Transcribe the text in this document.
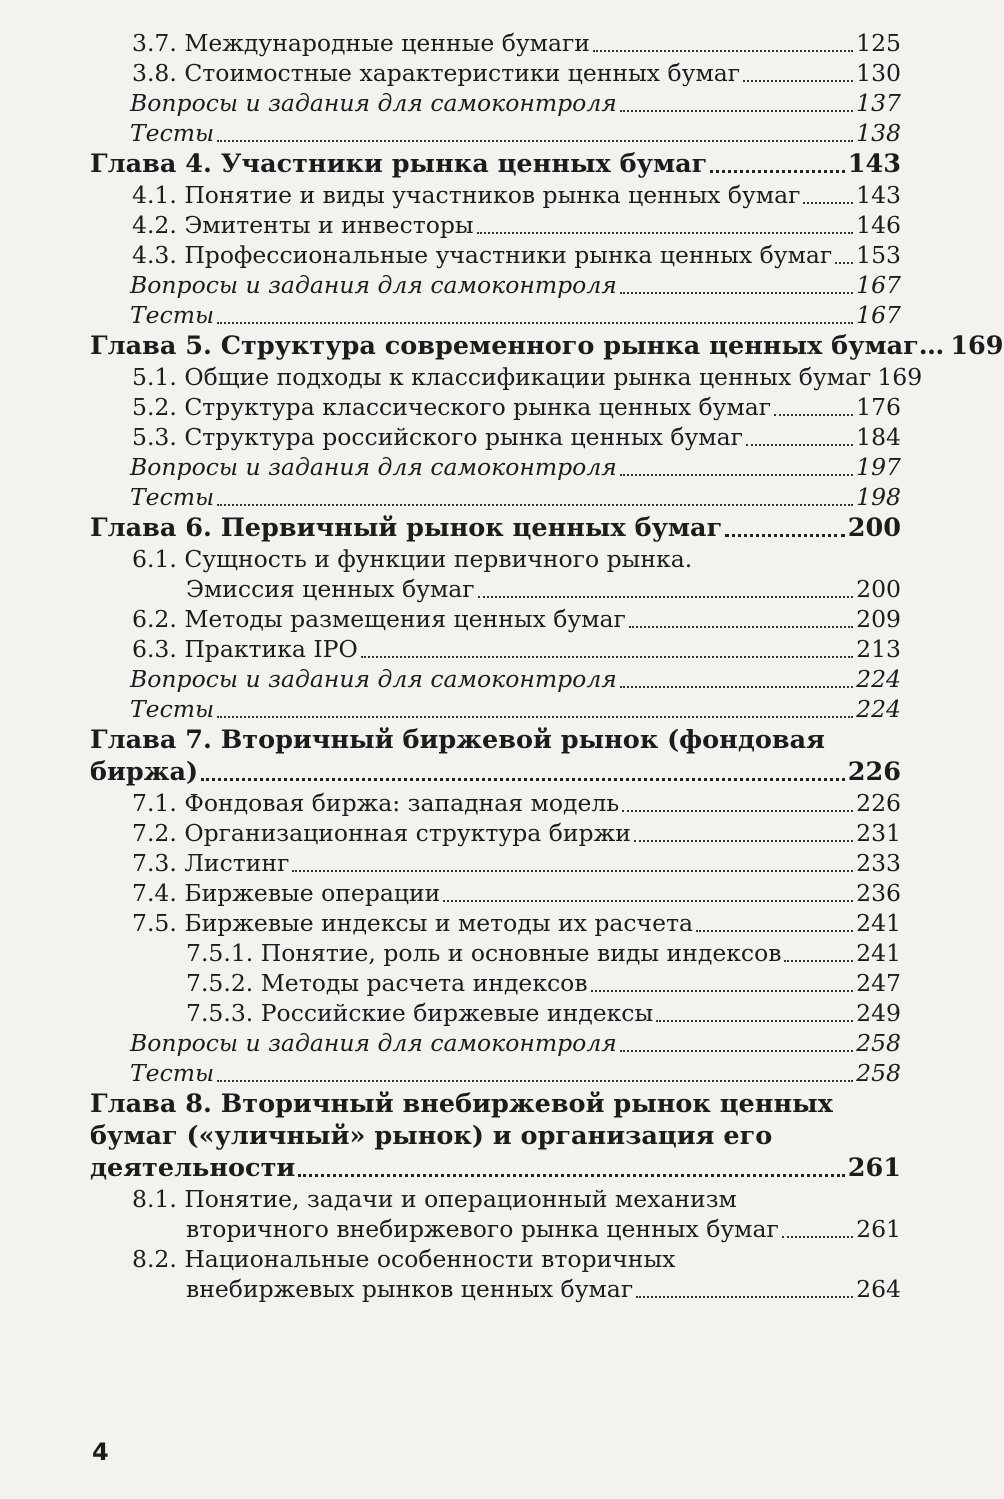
3.7. Международные ценные бумаги	125
3.8. Стоимостные характеристики ценных бумаг	130
Вопросы и задания для самоконтроля	137
Тесты	138
Глава 4. Участники рынка ценных бумаг	143
4.1. Понятие и виды участников рынка ценных бумаг 143
4.2. Эмитенты и инвесторы	146
4.3. Профессиональные участники рынка ценных бумаг 153
Вопросы и задания для самоконтроля	167
Тесты	167
Глава 5. Структура современного рынка ценных бумаг… 169
5.1. Общие подходы к классификации рынка ценных бумаг 169
5.2. Структура классического рынка ценных бумаг	176
5.3. Структура российского рынка ценных бумаг	184
Вопросы и задания для самоконтроля	197
Тесты	198
Глава 6. Первичный рынок ценных бумаг	200
6.1. Сущность и функции первичного рынка.
Эмиссия ценных бумаг	200
6.2. Методы размещения ценных бумаг	209
6.3. Практика IPO	213
Вопросы и задания для самоконтроля	224
Тесты	224
Глава 7. Вторичный биржевой рынок (фондовая
биржа)	226
7.1. Фондовая биржа: западная модель	226
7.2. Организационная структура биржи	231
7.3. Листинг	233
7.4. Биржевые операции	236
7.5. Биржевые индексы и методы их расчета	241
7.5.1. Понятие, роль и основные виды индексов	241
7.5.2. Методы расчета индексов	247
7.5.3. Российские биржевые индексы	249
Вопросы и задания для самоконтроля	258
Тесты	258
Глава 8. Вторичный внебиржевой рынок ценных
бумаг («уличный» рынок) и организация его
деятельности	261
8.1. Понятие, задачи и операционный механизм
вторичного внебиржевого рынка ценных бумаг	261
8.2. Национальные особенности вторичных
внебиржевых рынков ценных бумаг	264
4
